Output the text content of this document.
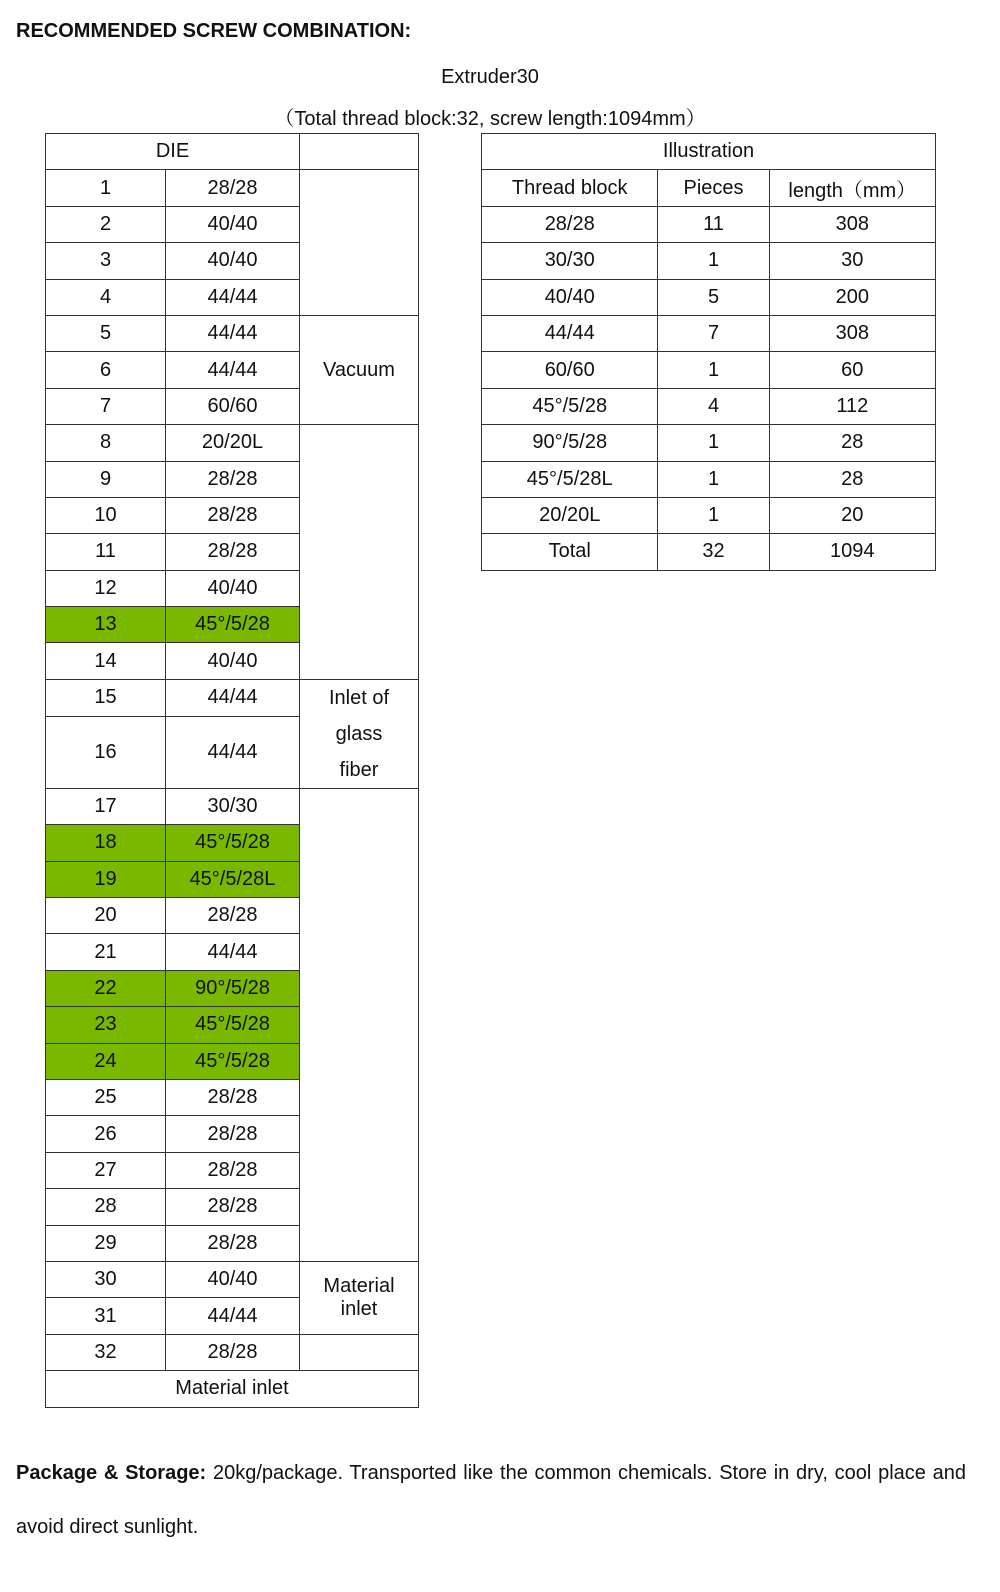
RECOMMENDED SCREW COMBINATION:
Extruder30
（Total thread block:32, screw length:1094mm）
DIE		
1	28/28	
2	40/40	
3	40/40	
4	44/44	
5	44/44	Vacuum
6	44/44	
7	60/60	
8	20/20L	
9	28/28	
10	28/28	
11	28/28	
12	40/40	
13	45°/5/28	
14	40/40	
15	44/44	Inlet of
glass
fiber

16	44/44	
17	30/30	
18	45°/5/28	
19	45°/5/28L	
20	28/28	
21	44/44	
22	90°/5/28	
23	45°/5/28	
24	45°/5/28	
25	28/28	
26	28/28	
27	28/28	
28	28/28	
29	28/28	
30	40/40	Material
inlet

31	44/44	
32	28/28	
Material inlet		
Illustration		
Thread block	Pieces	length（mm）
28/28	11	308
30/30	1	30
40/40	5	200
44/44	7	308
60/60	1	60
45°/5/28	4	112
90°/5/28	1	28
45°/5/28L	1	28
20/20L	1	20
Total	32	1094
Package & Storage: 20kg/package. Transported like the common chemicals. Store in dry, cool place and avoid direct sunlight.
